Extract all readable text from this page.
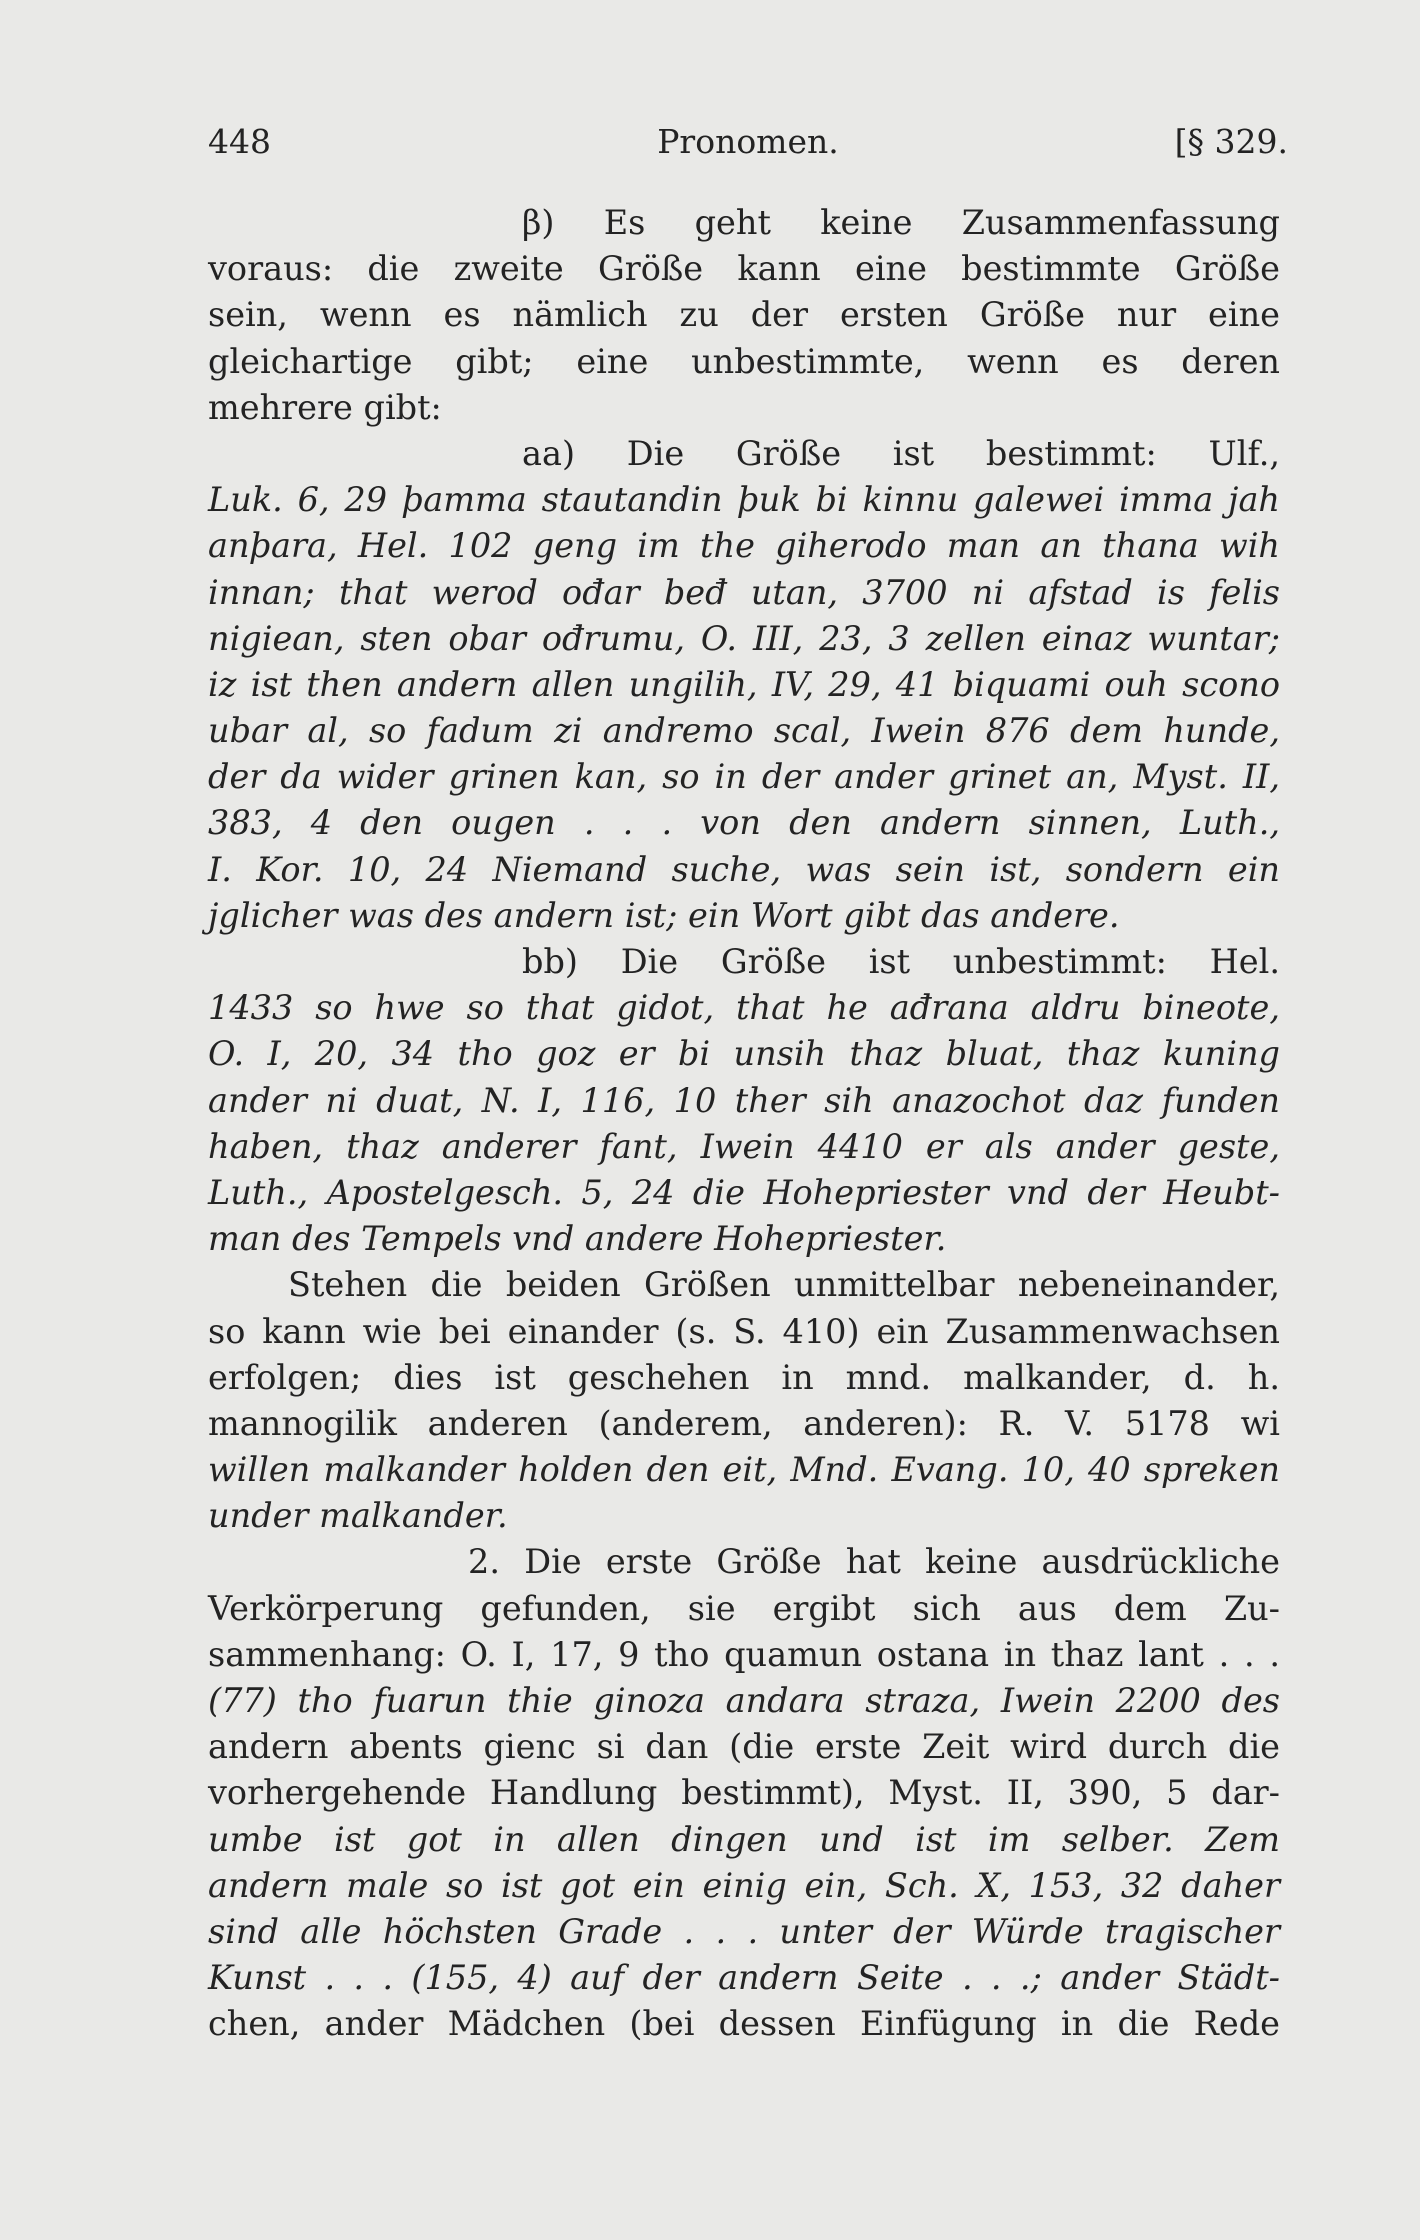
448	Pronomen.	[§ 329.
β) Es geht keine Zusammenfassung
voraus: die zweite Größe kann eine bestimmte Größe
sein, wenn es nämlich zu der ersten Größe nur eine
gleichartige gibt; eine unbestimmte, wenn es deren
mehrere gibt:
aa) Die Größe ist bestimmt: Ulf.,
Luk. 6, 29 þamma stautandin þuk bi kinnu galewei imma jah
anþara, Hel. 102 geng im the giherodo man an thana wih
innan; that werod ođar beđ utan, 3700 ni afstad is felis
nigiean, sten obar ođrumu, O. III, 23, 3 zellen einaz wuntar;
iz ist then andern allen ungilih, IV, 29, 41 biquami ouh scono
ubar al, so fadum zi andremo scal, Iwein 876 dem hunde,
der da wider grinen kan, so in der ander grinet an, Myst. II,
383, 4 den ougen . . . von den andern sinnen, Luth.,
I. Kor. 10, 24 Niemand suche, was sein ist, sondern ein
jglicher was des andern ist; ein Wort gibt das andere.
bb) Die Größe ist unbestimmt: Hel.
1433 so hwe so that gidot, that he ađrana aldru bineote,
O. I, 20, 34 tho goz er bi unsih thaz bluat, thaz kuning
ander ni duat, N. I, 116, 10 ther sih anazochot daz funden
haben, thaz anderer fant, Iwein 4410 er als ander geste,
Luth., Apostelgesch. 5, 24 die Hohepriester vnd der Heubt-
man des Tempels vnd andere Hohepriester.
Stehen die beiden Größen unmittelbar nebeneinander,
so kann wie bei einander (s. S. 410) ein Zusammenwachsen
erfolgen; dies ist geschehen in mnd. malkander, d. h.
mannogilik anderen (anderem, anderen): R. V. 5178 wi
willen malkander holden den eit, Mnd. Evang. 10, 40 spreken
under malkander.
2. Die erste Größe hat keine ausdrückliche
Verkörperung gefunden, sie ergibt sich aus dem Zu-
sammenhang: O. I, 17, 9 tho quamun ostana in thaz lant . . .
(77) tho fuarun thie ginoza andara straza, Iwein 2200 des
andern abents gienc si dan (die erste Zeit wird durch die
vorhergehende Handlung bestimmt), Myst. II, 390, 5 dar-
umbe ist got in allen dingen und ist im selber. Zem
andern male so ist got ein einig ein, Sch. X, 153, 32 daher
sind alle höchsten Grade . . . unter der Würde tragischer
Kunst . . . (155, 4) auf der andern Seite . . .; ander Städt-
chen, ander Mädchen (bei dessen Einfügung in die Rede
